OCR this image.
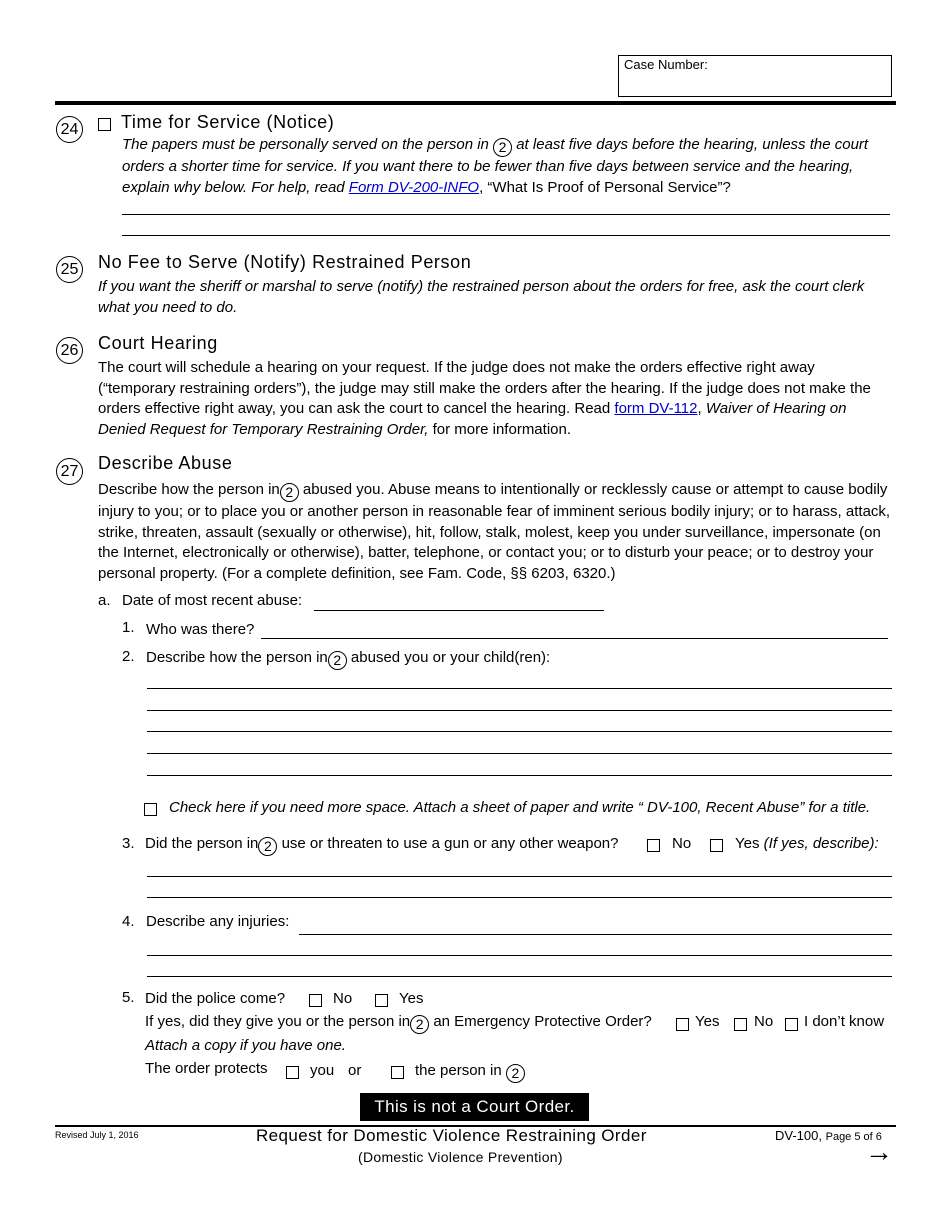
Case Number:
24 Time for Service (Notice)
The papers must be personally served on the person in 2 at least five days before the hearing, unless the court orders a shorter time for service. If you want there to be fewer than five days between service and the hearing, explain why below. For help, read Form DV-200-INFO, “What Is Proof of Personal Service”?
25 No Fee to Serve (Notify) Restrained Person
If you want the sheriff or marshal to serve (notify) the restrained person about the orders for free, ask the court clerk what you need to do.
26 Court Hearing
The court will schedule a hearing on your request. If the judge does not make the orders effective right away (“temporary restraining orders”), the judge may still make the orders after the hearing. If the judge does not make the orders effective right away, you can ask the court to cancel the hearing. Read form DV-112, Waiver of Hearing on Denied Request for Temporary Restraining Order, for more information.
27 Describe Abuse
Describe how the person in 2 abused you. Abuse means to intentionally or recklessly cause or attempt to cause bodily injury to you; or to place you or another person in reasonable fear of imminent serious bodily injury; or to harass, attack, strike, threaten, assault (sexually or otherwise), hit, follow, stalk, molest, keep you under surveillance, impersonate (on the Internet, electronically or otherwise), batter, telephone, or contact you; or to disturb your peace; or to destroy your personal property. (For a complete definition, see Fam. Code, §§ 6203, 6320.)
a. Date of most recent abuse:
1. Who was there?
2. Describe how the person in 2 abused you or your child(ren):
Check here if you need more space. Attach a sheet of paper and write “ DV-100, Recent Abuse” for a title.
3. Did the person in 2 use or threaten to use a gun or any other weapon?	No	Yes (If yes, describe):
4. Describe any injuries:
5. Did the police come?	No	Yes
If yes, did they give you or the person in 2 an Emergency Protective Order?	Yes No I don’t know
Attach a copy if you have one.
The order protects	you or	the person in 2
This is not a Court Order.
Revised July 1, 2016	Request for Domestic Violence Restraining Order
(Domestic Violence Prevention)
DV-100, Page 5 of 6
→
